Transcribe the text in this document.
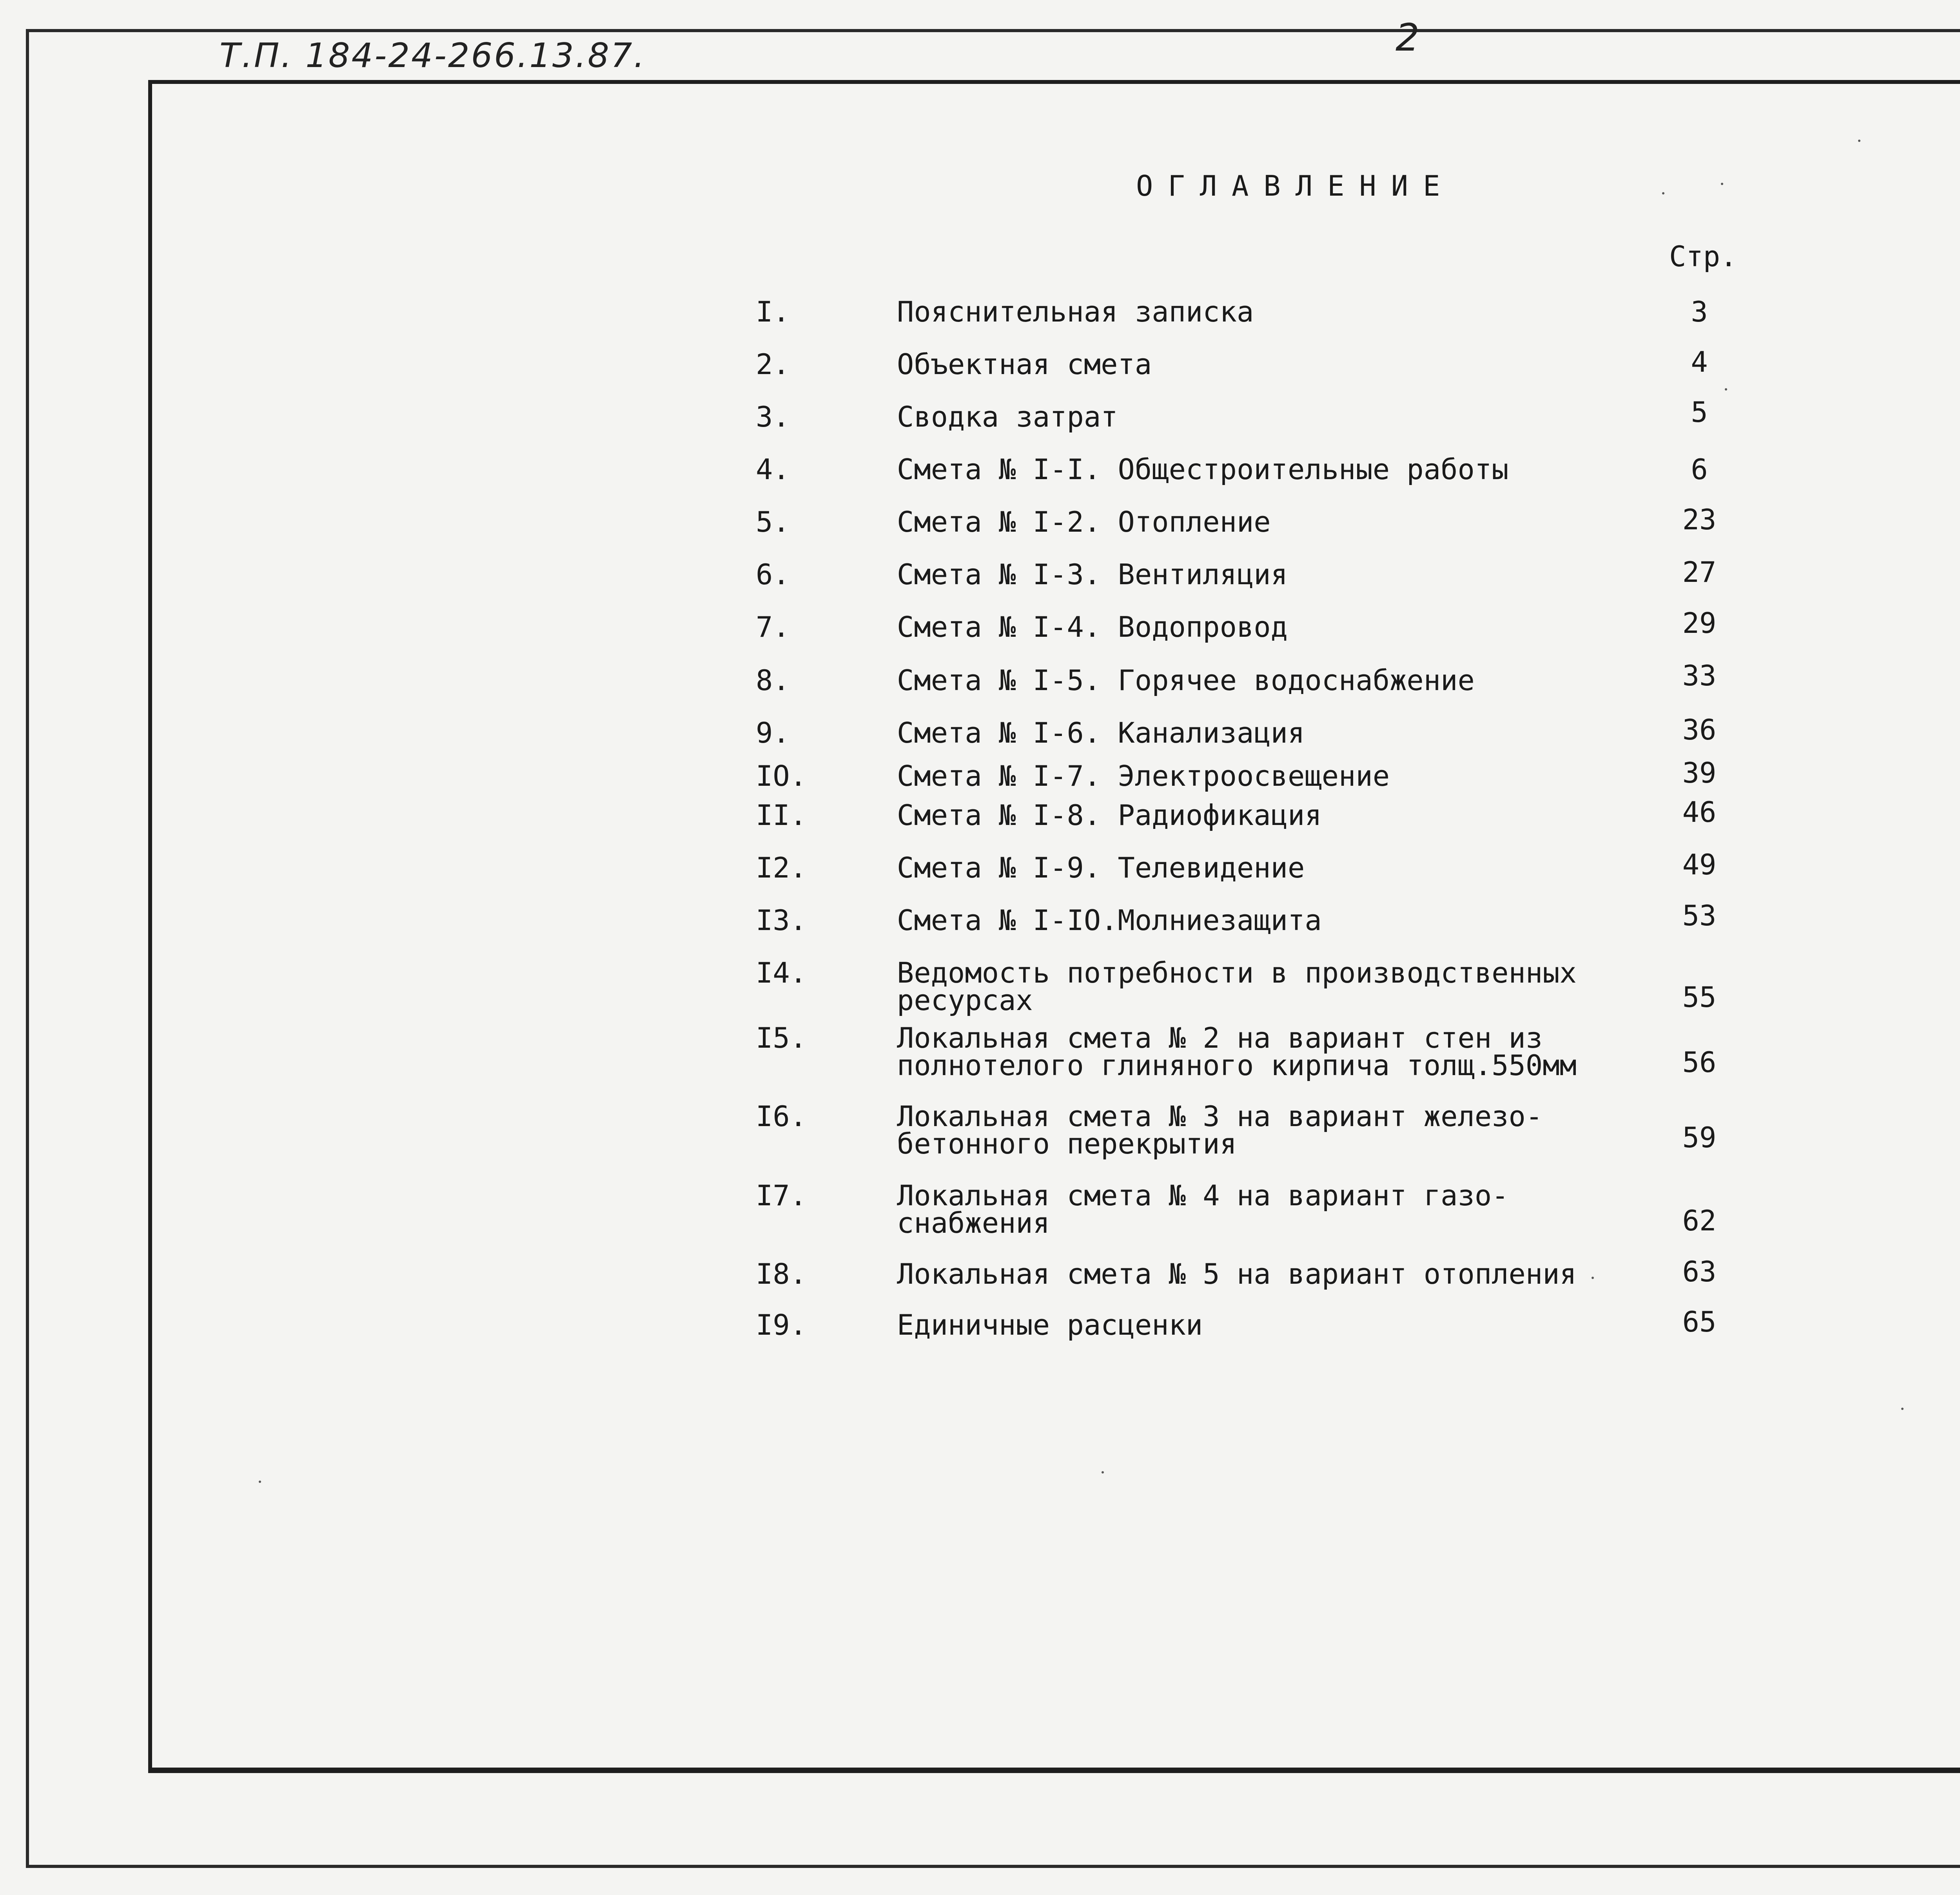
Т.П. 184-24-266.13.87.	2
ОГЛАВЛЕНИЕ
Стр.
I.	Пояснительная записка	3
2.	Объектная смета	4
3.	Сводка затрат	5
4.	Смета № I-I. Общестроительные работы	6
5.	Смета № I-2. Отопление	23
6.	Смета № I-3. Вентиляция	27
7.	Смета № I-4. Водопровод	29
8.	Смета № I-5. Горячее водоснабжение	33
9.	Смета № I-6. Канализация	36
IO.	Смета № I-7. Электроосвещение	39
II.	Смета № I-8. Радиофикация	46
I2.	Смета № I-9. Телевидение	49
I3.	Смета № I-IO.Молниезащита	53
I4.	Ведомость потребности в производственных
ресурсах	55
I5.	Локальная смета № 2 на вариант стен из
полнотелого глиняного кирпича толщ.550мм	56
I6.	Локальная смета № 3 на вариант железо-
бетонного перекрытия	59
I7.	Локальная смета № 4 на вариант газо-
снабжения	62
I8.	Локальная смета № 5 на вариант отопления	63
I9.	Единичные расценки	65
